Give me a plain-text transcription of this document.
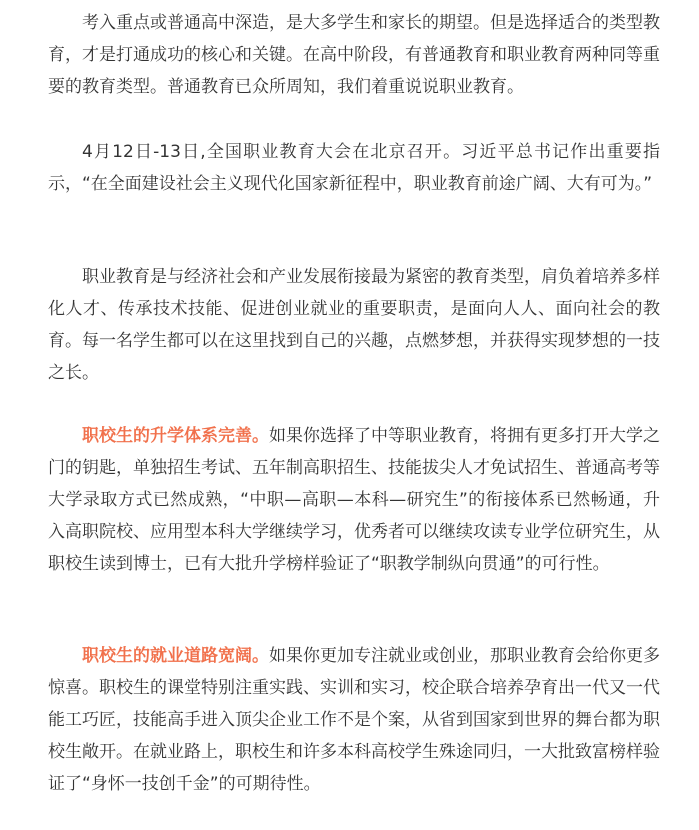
考入重点或普通高中深造，是大多学生和家长的期望。但是选择适合的类型教育，才是打通成功的核心和关键。在高中阶段，有普通教育和职业教育两种同等重要的教育类型。普通教育已众所周知，我们着重说说职业教育。

4月12日-13日,全国职业教育大会在北京召开。习近平总书记作出重要指示，“在全面建设社会主义现代化国家新征程中，职业教育前途广阔、大有可为。”

职业教育是与经济社会和产业发展衔接最为紧密的教育类型，肩负着培养多样化人才、传承技术技能、促进创业就业的重要职责，是面向人人、面向社会的教育。每一名学生都可以在这里找到自己的兴趣，点燃梦想，并获得实现梦想的一技之长。

职校生的升学体系完善。如果你选择了中等职业教育，将拥有更多打开大学之门的钥匙，单独招生考试、五年制高职招生、技能拔尖人才免试招生、普通高考等大学录取方式已然成熟，“中职—高职—本科—研究生”的衔接体系已然畅通，升入高职院校、应用型本科大学继续学习，优秀者可以继续攻读专业学位研究生，从职校生读到博士，已有大批升学榜样验证了“职教学制纵向贯通”的可行性。

职校生的就业道路宽阔。如果你更加专注就业或创业，那职业教育会给你更多惊喜。职校生的课堂特别注重实践、实训和实习，校企联合培养孕育出一代又一代能工巧匠，技能高手进入顶尖企业工作不是个案，从省到国家到世界的舞台都为职校生敞开。在就业路上，职校生和许多本科高校学生殊途同归，一大批致富榜样验证了“身怀一技创千金”的可期待性。
